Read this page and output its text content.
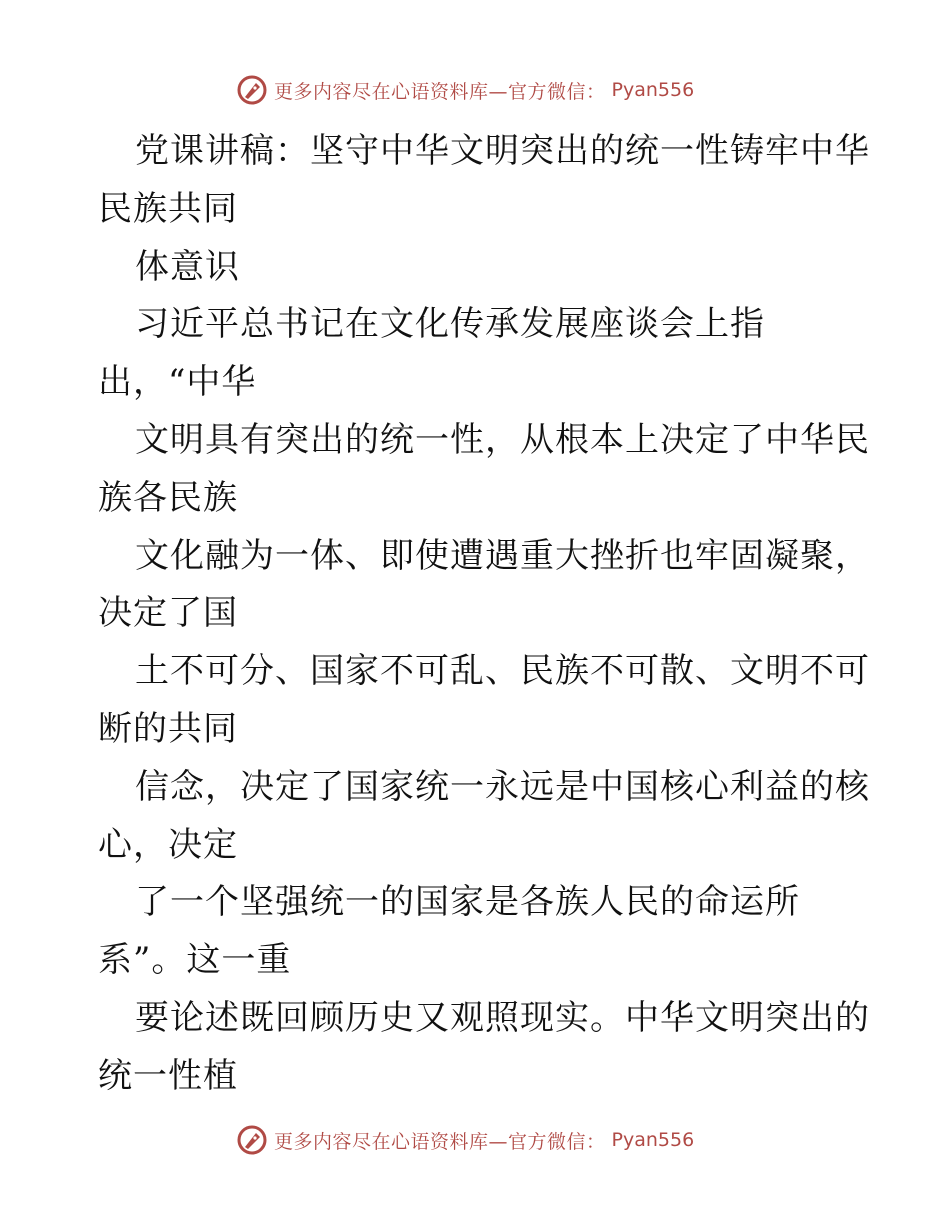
更多内容尽在心语资料库—官方微信： Pyan556
党课讲稿：坚守中华文明突出的统一性铸牢中华
民族共同
体意识
习近平总书记在文化传承发展座谈会上指
出，“中华
文明具有突出的统一性，从根本上决定了中华民
族各民族
文化融为一体、即使遭遇重大挫折也牢固凝聚，
决定了国
土不可分、国家不可乱、民族不可散、文明不可
断的共同
信念，决定了国家统一永远是中国核心利益的核
心，决定
了一个坚强统一的国家是各族人民的命运所
系”。这一重
要论述既回顾历史又观照现实。中华文明突出的
统一性植
更多内容尽在心语资料库—官方微信： Pyan556
